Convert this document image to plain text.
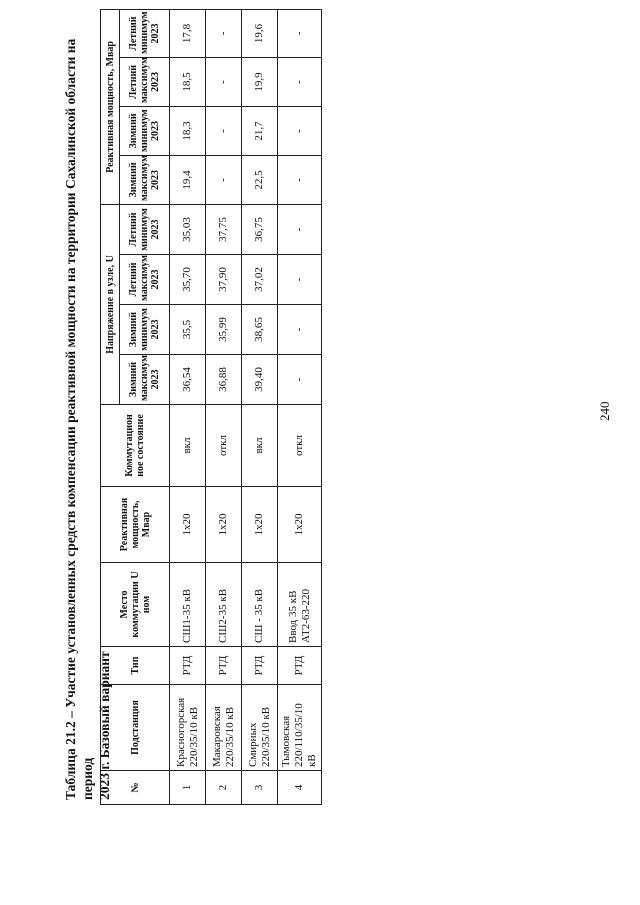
Таблица 21.2 – Участие установленных средств компенсации реактивной мощности на территории Сахалинской области на период 2023 г. Базовый вариант №	Подстанция	Тип	Место коммутации U ном	Реактивная мощность, Мвар	Коммутацион ное состояние	Напряжение в узле, U				Реактивная мощность, Мвар			
						Зимний максимум 2023	Зимний минимум 2023	Летний максимум 2023	Летний минимум 2023	Зимний максимум 2023	Зимний минимум 2023	Летний максимум 2023	Летний минимум 2023
1	Красногорская 220/35/10 кВ	РТД	СШ1-35 кВ	1x20	вкл	36,54	35,5	35,70	35,03	19,4	18,3	18,5	17,8
2	Макаровская 220/35/10 кВ	РТД	СШ2-35 кВ	1x20	откл	36,88	35,99	37,90	37,75	-	-	-	-
3	Смирных 220/35/10 кВ	РТД	СШ - 35 кВ	1x20	вкл	39,40	38,65	37,02	36,75	22,5	21,7	19,9	19,6
4	Тымовская 220/110/35/10 кВ	РТД	Ввод 35 кВ АТ2-63-220	1x20	откл	-	-	-	-	-	-	-	-
240
